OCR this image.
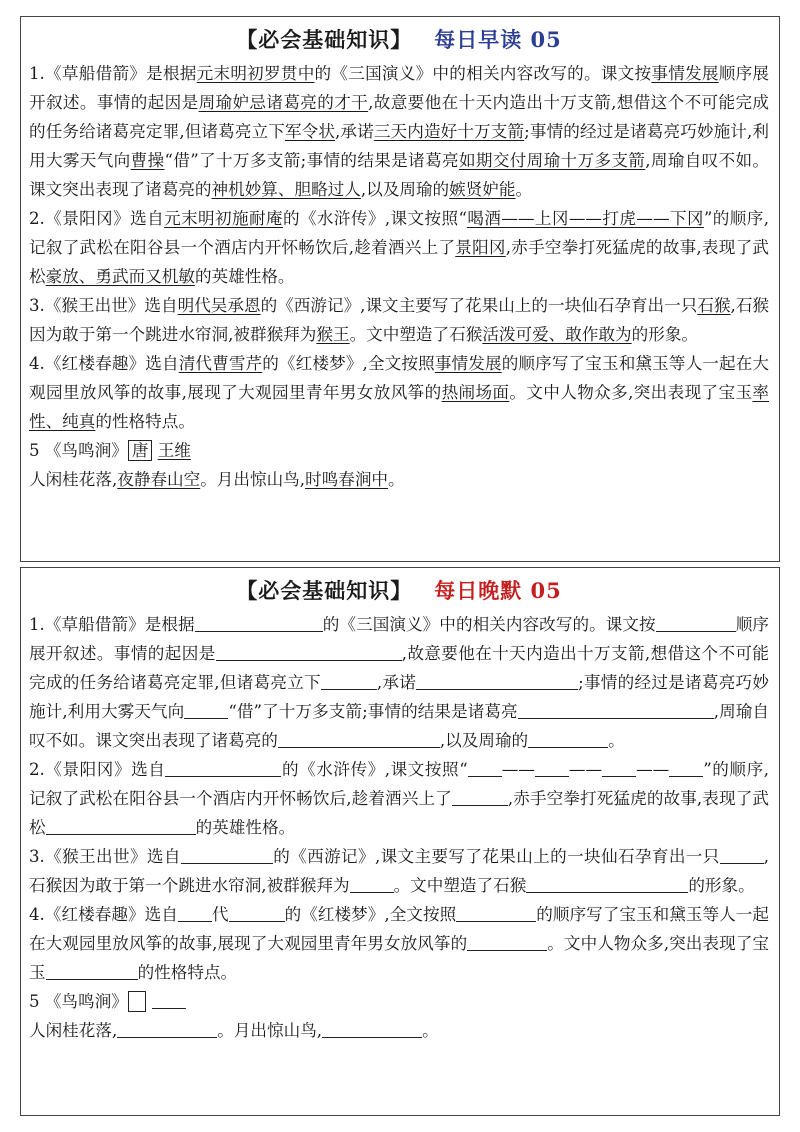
【必会基础知识】 每日早读 05

1.《草船借箭》是根据元末明初罗贯中的《三国演义》中的相关内容改写的。课文按事情发展顺序展开叙述。事情的起因是周瑜妒忌诸葛亮的才干,故意要他在十天内造出十万支箭,想借这个不可能完成的任务给诸葛亮定罪,但诸葛亮立下军令状,承诺三天内造好十万支箭;事情的经过是诸葛亮巧妙施计,利用大雾天气向曹操“借”了十万多支箭;事情的结果是诸葛亮如期交付周瑜十万多支箭,周瑜自叹不如。课文突出表现了诸葛亮的神机妙算、胆略过人,以及周瑜的嫉贤妒能。

2.《景阳冈》选自元末明初施耐庵的《水浒传》,课文按照“喝酒——上冈——打虎——下冈”的顺序,记叙了武松在阳谷县一个酒店内开怀畅饮后,趁着酒兴上了景阳冈,赤手空拳打死猛虎的故事,表现了武松豪放、勇武而又机敏的英雄性格。

3.《猴王出世》选自明代吴承恩的《西游记》,课文主要写了花果山上的一块仙石孕育出一只石猴,石猴因为敢于第一个跳进水帘洞,被群猴拜为猴王。文中塑造了石猴活泼可爱、敢作敢为的形象。

4.《红楼春趣》选自清代曹雪芹的《红楼梦》,全文按照事情发展的顺序写了宝玉和黛玉等人一起在大观园里放风筝的故事,展现了大观园里青年男女放风筝的热闹场面。文中人物众多,突出表现了宝玉率性、纯真的性格特点。

5 《鸟鸣涧》 唐 王维

人闲桂花落,夜静春山空。月出惊山鸟,时鸣春涧中。

【必会基础知识】 每日晚默 05

1.《草船借箭》是根据	的《三国演义》中的相关内容改写的。课文按	顺序展开叙述。事情的起因是	,故意要他在十天内造出十万支箭,想借这个不可能完成的任务给诸葛亮定罪,但诸葛亮立下	,承诺	;事情的经过是诸葛亮巧妙施计,利用大雾天气向	“借”了十万多支箭;事情的结果是诸葛亮	,周瑜自叹不如。课文突出表现了诸葛亮的	,以及周瑜的	。

2.《景阳冈》选自	的《水浒传》,课文按照“ —— —— —— ”的顺序,记叙了武松在阳谷县一个酒店内开怀畅饮后,趁着酒兴上了	,赤手空拳打死猛虎的故事,表现了武松	的英雄性格。

3.《猴王出世》选自	的《西游记》,课文主要写了花果山上的一块仙石孕育出一只	,石猴因为敢于第一个跳进水帘洞,被群猴拜为	。文中塑造了石猴	的形象。

4.《红楼春趣》选自 代	的《红楼梦》,全文按照	的顺序写了宝玉和黛玉等人一起在大观园里放风筝的故事,展现了大观园里青年男女放风筝的	。文中人物众多,突出表现了宝玉	的性格特点。

5 《鸟鸣涧》

人闲桂花落,	。月出惊山鸟,	。
